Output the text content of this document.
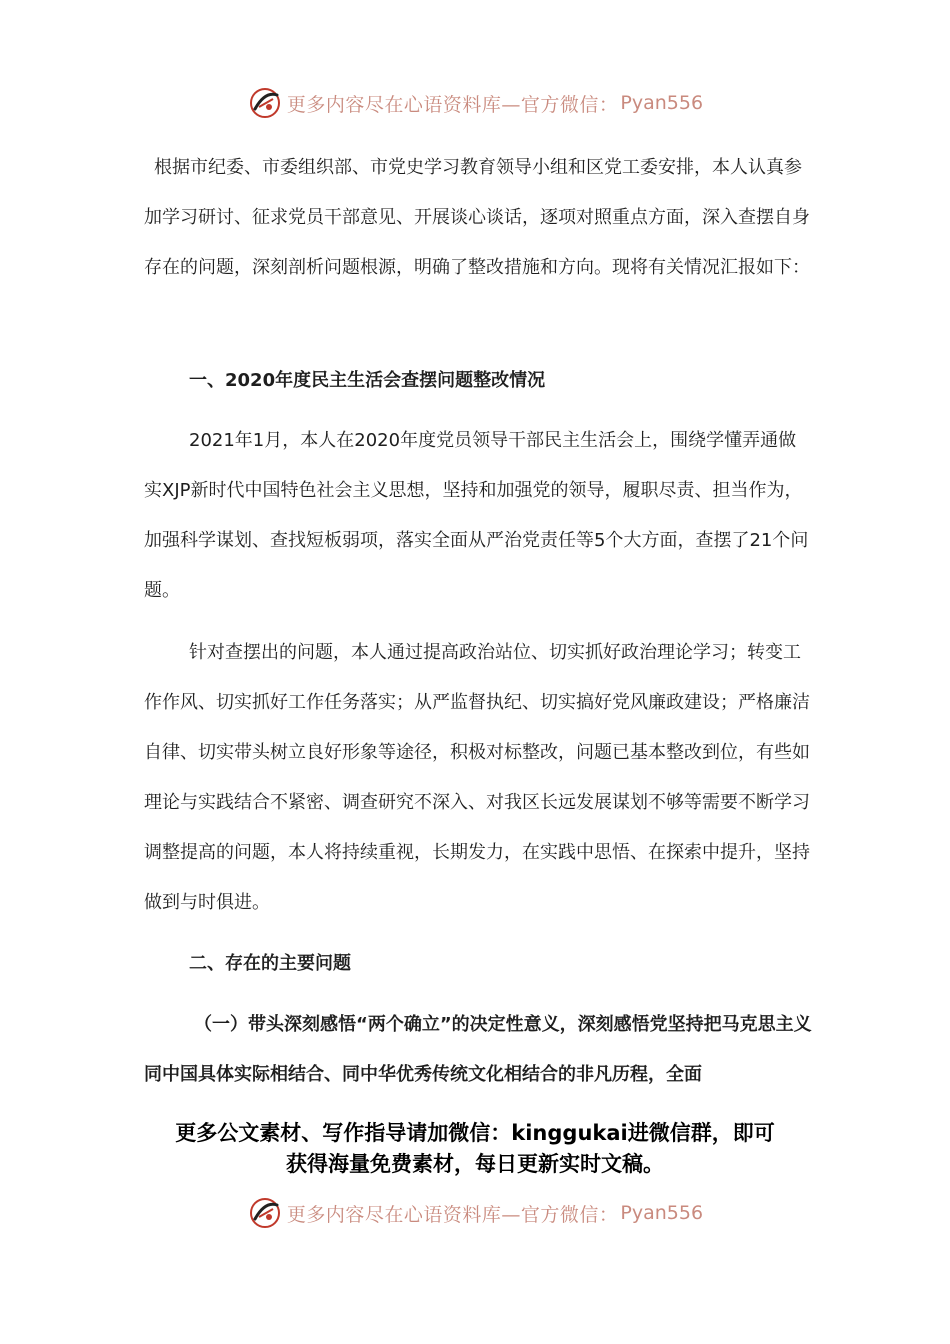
更多内容尽在心语资料库—官方微信： Pyan556

根据市纪委、市委组织部、市党史学习教育领导小组和区党工委安排，本人认真参加学习研讨、征求党员干部意见、开展谈心谈话，逐项对照重点方面，深入查摆自身存在的问题，深刻剖析问题根源，明确了整改措施和方向。现将有关情况汇报如下：

一、2020年度民主生活会查摆问题整改情况

2021年1月，本人在2020年度党员领导干部民主生活会上，围绕学懂弄通做实XJP新时代中国特色社会主义思想，坚持和加强党的领导，履职尽责、担当作为，加强科学谋划、查找短板弱项，落实全面从严治党责任等5个大方面，查摆了21个问题。

针对查摆出的问题，本人通过提高政治站位、切实抓好政治理论学习；转变工作作风、切实抓好工作任务落实；从严监督执纪、切实搞好党风廉政建设；严格廉洁自律、切实带头树立良好形象等途径，积极对标整改，问题已基本整改到位，有些如理论与实践结合不紧密、调查研究不深入、对我区长远发展谋划不够等需要不断学习调整提高的问题，本人将持续重视，长期发力，在实践中思悟、在探索中提升，坚持做到与时俱进。

二、存在的主要问题

（一）带头深刻感悟“两个确立”的决定性意义，深刻感悟党坚持把马克思主义同中国具体实际相结合、同中华优秀传统文化相结合的非凡历程，全面

更多公文素材、写作指导请加微信：kinggukai进微信群，即可
获得海量免费素材，每日更新实时文稿。
更多内容尽在心语资料库—官方微信： Pyan556
